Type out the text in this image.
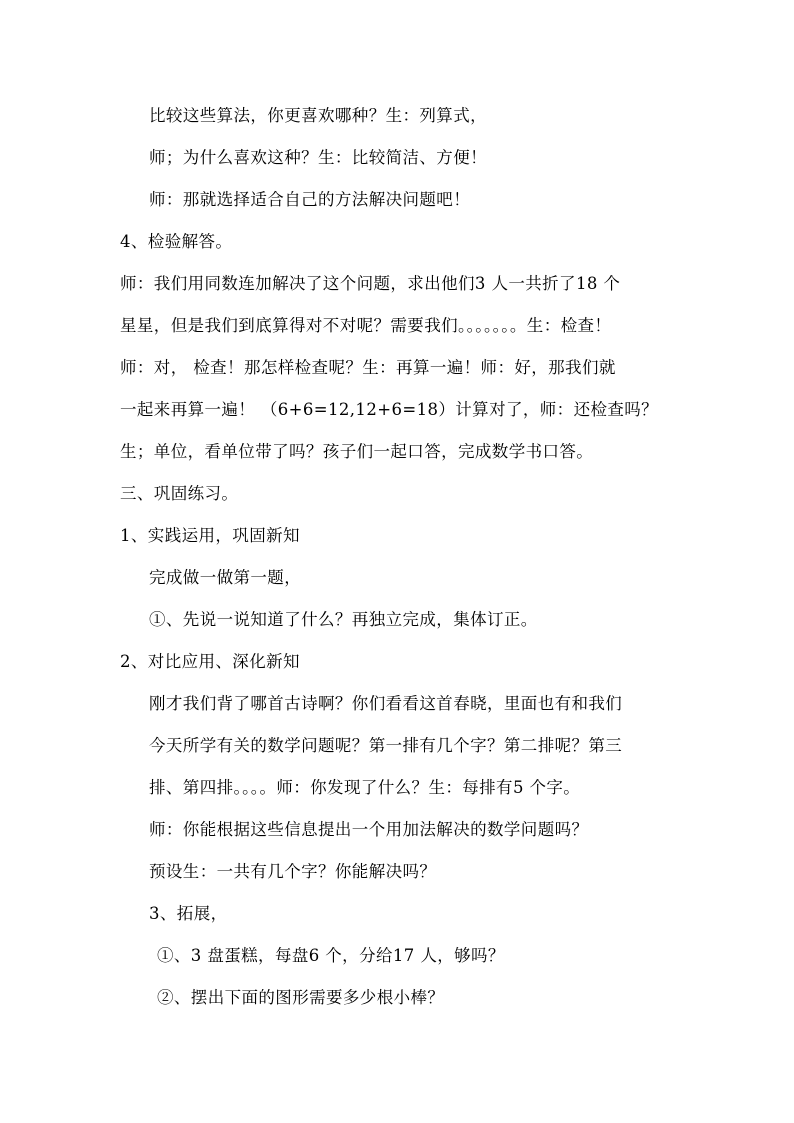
比较这些算法，你更喜欢哪种？生：列算式，
师；为什么喜欢这种？生：比较简洁、方便！
师：那就选择适合自己的方法解决问题吧！
4、检验解答。
师：我们用同数连加解决了这个问题，求出他们3 人一共折了18 个
星星，但是我们到底算得对不对呢？需要我们。。。。。。。生：检查！
师：对， 检查！那怎样检查呢？生：再算一遍！师：好，那我们就
一起来再算一遍！ （6+6=12,12+6=18）计算对了，师：还检查吗？
生；单位，看单位带了吗？孩子们一起口答，完成数学书口答。
三、巩固练习。
1、实践运用，巩固新知
完成做一做第一题，
①、先说一说知道了什么？再独立完成，集体订正。
2、对比应用、深化新知
刚才我们背了哪首古诗啊？你们看看这首春晓，里面也有和我们
今天所学有关的数学问题呢？第一排有几个字？第二排呢？第三
排、第四排。。。。师：你发现了什么？生：每排有5 个字。
师：你能根据这些信息提出一个用加法解决的数学问题吗？
预设生：一共有几个字？你能解决吗？
3、拓展，
①、3 盘蛋糕，每盘6 个，分给17 人，够吗？
②、摆出下面的图形需要多少根小棒？
